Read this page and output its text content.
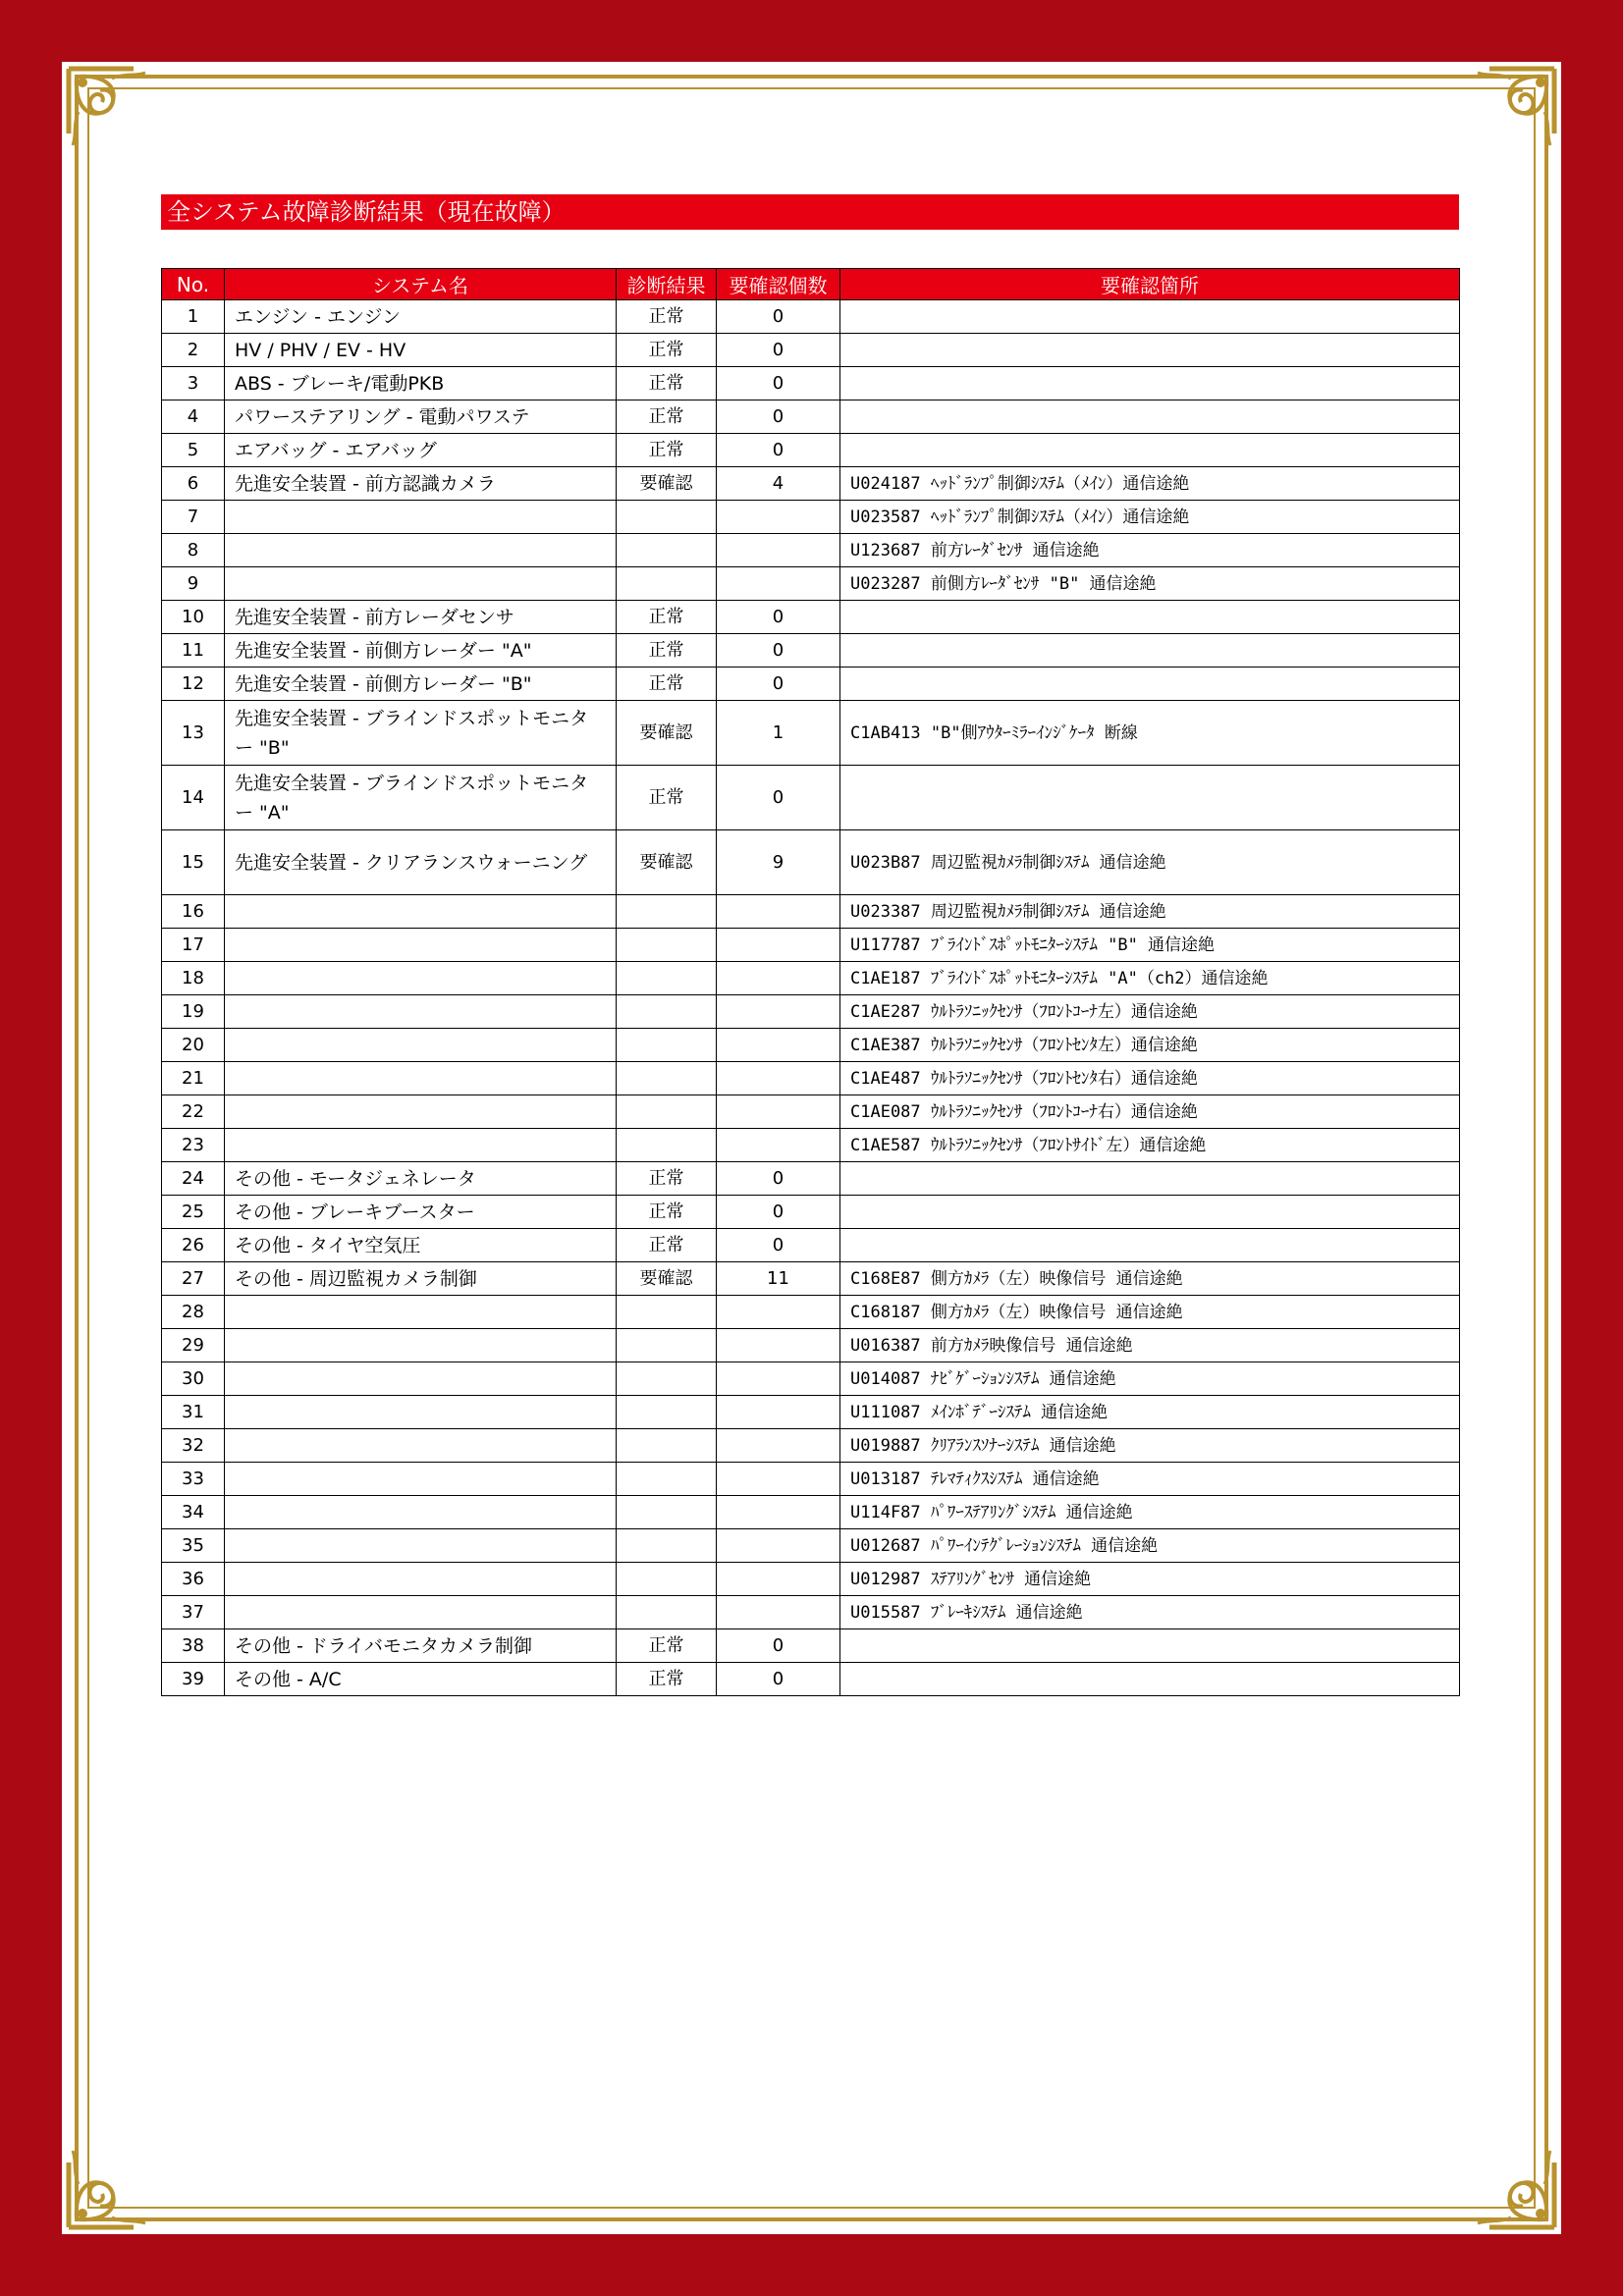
全システム故障診断結果（現在故障）
No.	システム名	診断結果	要確認個数	要確認箇所
1	エンジン - エンジン	正常	0	
2	HV / PHV / EV - HV	正常	0	
3	ABS - ブレーキ/電動PKB	正常	0	
4	パワーステアリング - 電動パワステ	正常	0	
5	エアバッグ - エアバッグ	正常	0	
6	先進安全装置 - 前方認識カメラ	要確認	4	U024187 ﾍｯﾄﾞﾗﾝﾌﾟ制御ｼｽﾃﾑ（ﾒｲﾝ）通信途絶
7				U023587 ﾍｯﾄﾞﾗﾝﾌﾟ制御ｼｽﾃﾑ（ﾒｲﾝ）通信途絶
8				U123687 前方ﾚｰﾀﾞｾﾝｻ 通信途絶
9				U023287 前側方ﾚｰﾀﾞｾﾝｻ "B" 通信途絶
10	先進安全装置 - 前方レーダセンサ	正常	0	
11	先進安全装置 - 前側方レーダー "A"	正常	0	
12	先進安全装置 - 前側方レーダー "B"	正常	0	
13	先進安全装置 - ブラインドスポットモニター "B"	要確認	1	C1AB413 "B"側ｱｳﾀｰﾐﾗｰｲﾝｼﾞｹｰﾀ 断線
14	先進安全装置 - ブラインドスポットモニター "A"	正常	0	
15	先進安全装置 - クリアランスウォーニング	要確認	9	U023B87 周辺監視ｶﾒﾗ制御ｼｽﾃﾑ 通信途絶
16				U023387 周辺監視ｶﾒﾗ制御ｼｽﾃﾑ 通信途絶
17				U117787 ﾌﾞﾗｲﾝﾄﾞｽﾎﾟｯﾄﾓﾆﾀｰｼｽﾃﾑ "B" 通信途絶
18				C1AE187 ﾌﾞﾗｲﾝﾄﾞｽﾎﾟｯﾄﾓﾆﾀｰｼｽﾃﾑ "A"（ch2）通信途絶
19				C1AE287 ｳﾙﾄﾗｿﾆｯｸｾﾝｻ（ﾌﾛﾝﾄｺｰﾅ左）通信途絶
20				C1AE387 ｳﾙﾄﾗｿﾆｯｸｾﾝｻ（ﾌﾛﾝﾄｾﾝﾀ左）通信途絶
21				C1AE487 ｳﾙﾄﾗｿﾆｯｸｾﾝｻ（ﾌﾛﾝﾄｾﾝﾀ右）通信途絶
22				C1AE087 ｳﾙﾄﾗｿﾆｯｸｾﾝｻ（ﾌﾛﾝﾄｺｰﾅ右）通信途絶
23				C1AE587 ｳﾙﾄﾗｿﾆｯｸｾﾝｻ（ﾌﾛﾝﾄｻｲﾄﾞ左）通信途絶
24	その他 - モータジェネレータ	正常	0	
25	その他 - ブレーキブースター	正常	0	
26	その他 - タイヤ空気圧	正常	0	
27	その他 - 周辺監視カメラ制御	要確認	11	C168E87 側方ｶﾒﾗ（左）映像信号 通信途絶
28				C168187 側方ｶﾒﾗ（左）映像信号 通信途絶
29				U016387 前方ｶﾒﾗ映像信号 通信途絶
30				U014087 ﾅﾋﾞｹﾞｰｼｮﾝｼｽﾃﾑ 通信途絶
31				U111087 ﾒｲﾝﾎﾞﾃﾞｰｼｽﾃﾑ 通信途絶
32				U019887 ｸﾘｱﾗﾝｽｿﾅｰｼｽﾃﾑ 通信途絶
33				U013187 ﾃﾚﾏﾃｨｸｽｼｽﾃﾑ 通信途絶
34				U114F87 ﾊﾟﾜｰｽﾃｱﾘﾝｸﾞｼｽﾃﾑ 通信途絶
35				U012687 ﾊﾟﾜｰｲﾝﾃｸﾞﾚｰｼｮﾝｼｽﾃﾑ 通信途絶
36				U012987 ｽﾃｱﾘﾝｸﾞｾﾝｻ 通信途絶
37				U015587 ﾌﾞﾚｰｷｼｽﾃﾑ 通信途絶
38	その他 - ドライバモニタカメラ制御	正常	0	
39	その他 - A/C	正常	0	
